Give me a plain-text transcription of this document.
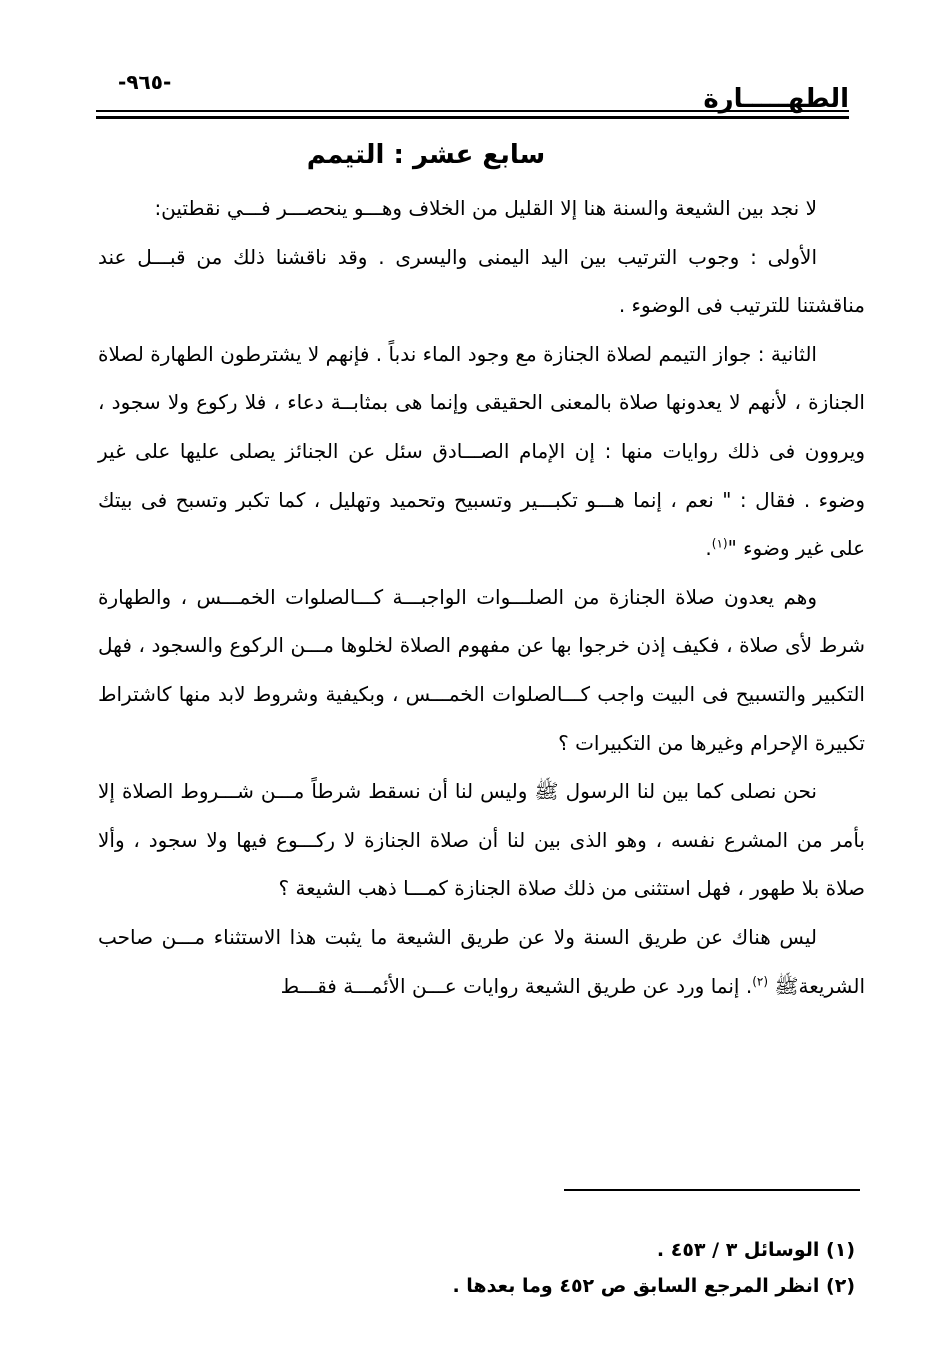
الطهـــــارة
-٩٦٥-
سابع عشر : التيمم

لا نجد بين الشيعة والسنة هنا إلا القليل من الخلاف وهـــو ينحصـــر فـــي نقطتين:

الأولى : وجوب الترتيب بين اليد اليمنى واليسرى . وقد ناقشنا ذلك من قبـــل عند مناقشتنا للترتيب فى الوضوء .

الثانية : جواز التيمم لصلاة الجنازة مع وجود الماء ندباً . فإنهم لا يشترطون الطهارة لصلاة الجنازة ، لأنهم لا يعدونها صلاة بالمعنى الحقيقى وإنما هى بمثابــة دعاء ، فلا ركوع ولا سجود ، ويروون فى ذلك روايات منها : إن الإمام الصـــادق سئل عن الجنائز يصلى عليها على غير وضوء . فقال : " نعم ، إنما هـــو تكبـــير وتسبيح وتحميد وتهليل ، كما تكبر وتسبح فى بيتك على غير وضوء "$^{(١)}$.

وهم يعدون صلاة الجنازة من الصلـــوات الواجبـــة كـــالصلوات الخمـــس ، والطهارة شرط لأى صلاة ، فكيف إذن خرجوا بها عن مفهوم الصلاة لخلوها مـــن الركوع والسجود ، فهل التكبير والتسبيح فى البيت واجب كـــالصلوات الخمـــس ، وبكيفية وشروط لابد منها كاشتراط تكبيرة الإحرام وغيرها من التكبيرات ؟

نحن نصلى كما بين لنا الرسول ﷺ وليس لنا أن نسقط شرطاً مـــن شـــروط الصلاة إلا بأمر من المشرع نفسه ، وهو الذى بين لنا أن صلاة الجنازة لا ركـــوع فيها ولا سجود ، وألا صلاة بلا طهور ، فهل استثنى من ذلك صلاة الجنازة كمـــا ذهب الشيعة ؟

ليس هناك عن طريق السنة ولا عن طريق الشيعة ما يثبت هذا الاستثناء مـــن صاحب الشريعةﷺ $^{(٢)}$. إنما ورد عن طريق الشيعة روايات عـــن الأئمـــة فقـــط

(١) الوسائل ٣ / ٤٥٣ .
(٢) انظر المرجع السابق ص ٤٥٢ وما بعدها .
